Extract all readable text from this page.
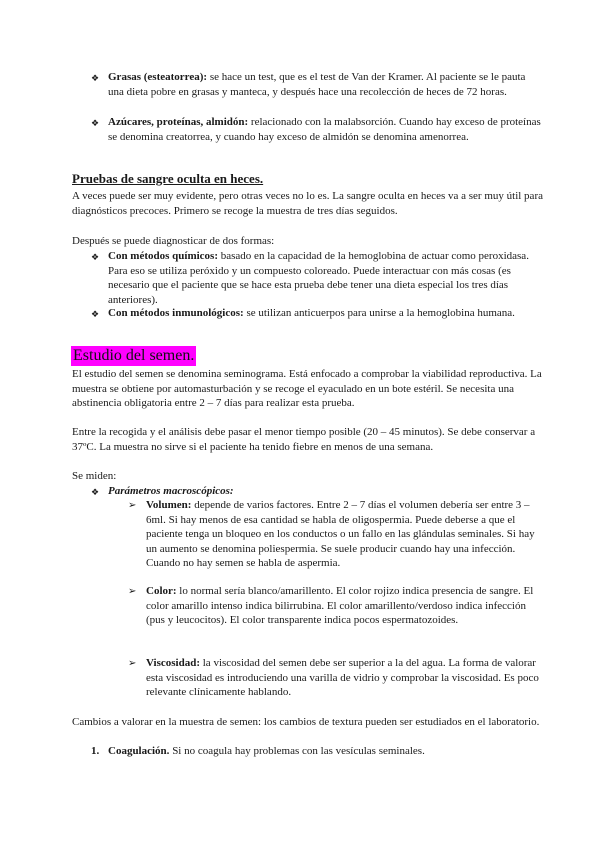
❖ Grasas (esteatorrea): se hace un test, que es el test de Van der Kramer. Al paciente se le pauta una dieta pobre en grasas y manteca, y después hace una recolección de heces de 72 horas.
❖ Azúcares, proteínas, almidón: relacionado con la malabsorción. Cuando hay exceso de proteínas se denomina creatorrea, y cuando hay exceso de almidón se denomina amenorrea.
Pruebas de sangre oculta en heces.
A veces puede ser muy evidente, pero otras veces no lo es. La sangre oculta en heces va a ser muy útil para diagnósticos precoces. Primero se recoge la muestra de tres días seguidos.
Después se puede diagnosticar de dos formas:
❖ Con métodos químicos: basado en la capacidad de la hemoglobina de actuar como peroxidasa. Para eso se utiliza peróxido y un compuesto coloreado. Puede interactuar con más cosas (es necesario que el paciente que se hace esta prueba debe tener una dieta especial los tres días anteriores).
❖ Con métodos inmunológicos: se utilizan anticuerpos para unirse a la hemoglobina humana.
Estudio del semen.
El estudio del semen se denomina seminograma. Está enfocado a comprobar la viabilidad reproductiva. La muestra se obtiene por automasturbación y se recoge el eyaculado en un bote estéril. Se necesita una abstinencia obligatoria entre 2 – 7 días para realizar esta prueba.
Entre la recogida y el análisis debe pasar el menor tiempo posible (20 – 45 minutos). Se debe conservar a 37ºC. La muestra no sirve si el paciente ha tenido fiebre en menos de una semana.
Se miden:
❖ Parámetros macroscópicos:
➢ Volumen: depende de varios factores. Entre 2 – 7 días el volumen debería ser entre 3 – 6ml. Si hay menos de esa cantidad se habla de oligospermia. Puede deberse a que el paciente tenga un bloqueo en los conductos o un fallo en las glándulas seminales. Si hay un aumento se denomina poliespermia. Se suele producir cuando hay una infección. Cuando no hay semen se habla de aspermia.
➢ Color: lo normal sería blanco/amarillento. El color rojizo indica presencia de sangre. El color amarillo intenso indica bilirrubina. El color amarillento/verdoso indica infección (pus y leucocitos). El color transparente indica pocos espermatozoides.
➢ Viscosidad: la viscosidad del semen debe ser superior a la del agua. La forma de valorar esta viscosidad es introduciendo una varilla de vidrio y comprobar la viscosidad. Es poco relevante clínicamente hablando.
Cambios a valorar en la muestra de semen: los cambios de textura pueden ser estudiados en el laboratorio.
1. Coagulación. Si no coagula hay problemas con las vesículas seminales.
